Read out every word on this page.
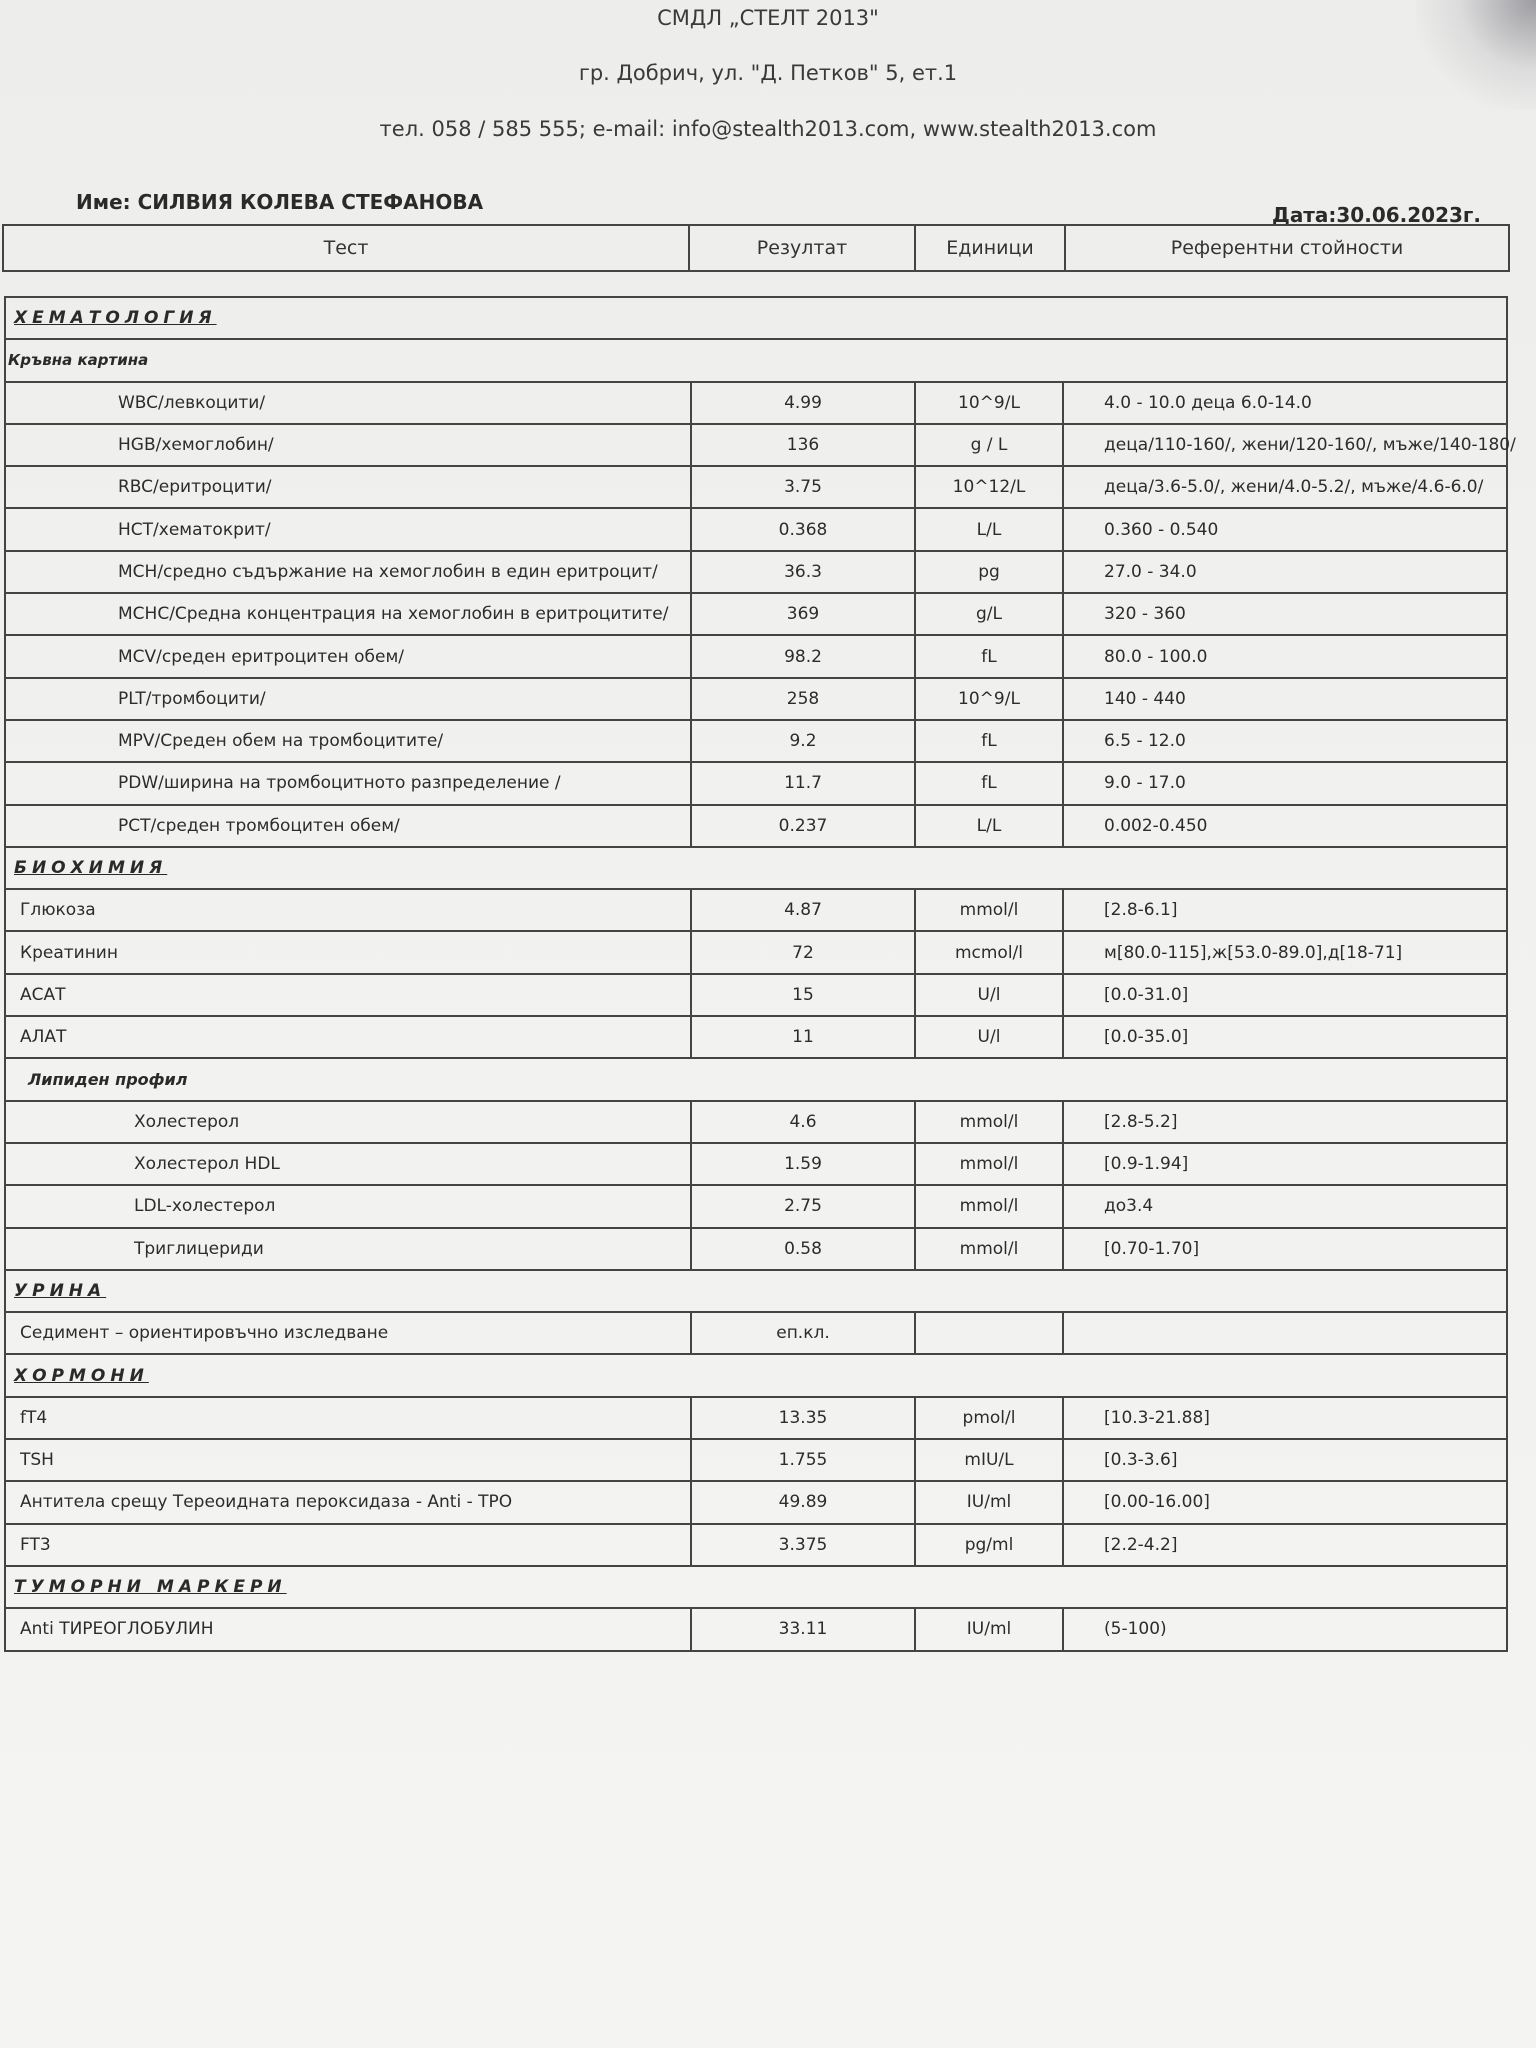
СМДЛ „СТЕЛТ 2013"
гр. Добрич, ул. "Д. Петков" 5, ет.1
тел. 058 / 585 555; e-mail: info@stealth2013.com, www.stealth2013.com
Име: СИЛВИЯ КОЛЕВА СТЕФАНОВА
Дата:30.06.2023г.
Тест	Резултат	Единици	Референтни стойности
ХЕМАТОЛОГИЯ
Кръвна картина
WBC/левкоцити/	4.99	10^9/L	4.0 - 10.0 деца 6.0-14.0
HGB/хемоглобин/	136	g / L	деца/110-160/, жени/120-160/, мъже/140-180/
RBC/еритроцити/	3.75	10^12/L	деца/3.6-5.0/, жени/4.0-5.2/, мъже/4.6-6.0/
HCT/хематокрит/	0.368	L/L	0.360 - 0.540
MCH/средно съдържание на хемоглобин в един еритроцит/	36.3	pg	27.0 - 34.0
MCHC/Средна концентрация на хемоглобин в еритроцитите/	369	g/L	320 - 360
MCV/среден еритроцитен обем/	98.2	fL	80.0 - 100.0
PLT/тромбоцити/	258	10^9/L	140 - 440
MPV/Среден обем на тромбоцитите/	9.2	fL	6.5 - 12.0
PDW/ширина на тромбоцитното разпределение /	11.7	fL	9.0 - 17.0
PCT/среден тромбоцитен обем/	0.237	L/L	0.002-0.450
БИОХИМИЯ
Глюкоза	4.87	mmol/l	[2.8-6.1]
Креатинин	72	mcmol/l	м[80.0-115],ж[53.0-89.0],д[18-71]
АСАТ	15	U/l	[0.0-31.0]
АЛАТ	11	U/l	[0.0-35.0]
Липиден профил
Холестерол	4.6	mmol/l	[2.8-5.2]
Холестерол HDL	1.59	mmol/l	[0.9-1.94]
LDL-холестерол	2.75	mmol/l	до3.4
Триглицериди	0.58	mmol/l	[0.70-1.70]
УРИНА
Седимент – ориентировъчно изследване	еп.кл.
ХОРМОНИ
fT4	13.35	pmol/l	[10.3-21.88]
TSH	1.755	mIU/L	[0.3-3.6]
Антитела срещу Тереоидната пероксидаза - Anti - TPO	49.89	IU/ml	[0.00-16.00]
FT3	3.375	pg/ml	[2.2-4.2]
ТУМОРНИ МАРКЕРИ
Anti ТИРЕОГЛОБУЛИН	33.11	IU/ml	(5-100)
